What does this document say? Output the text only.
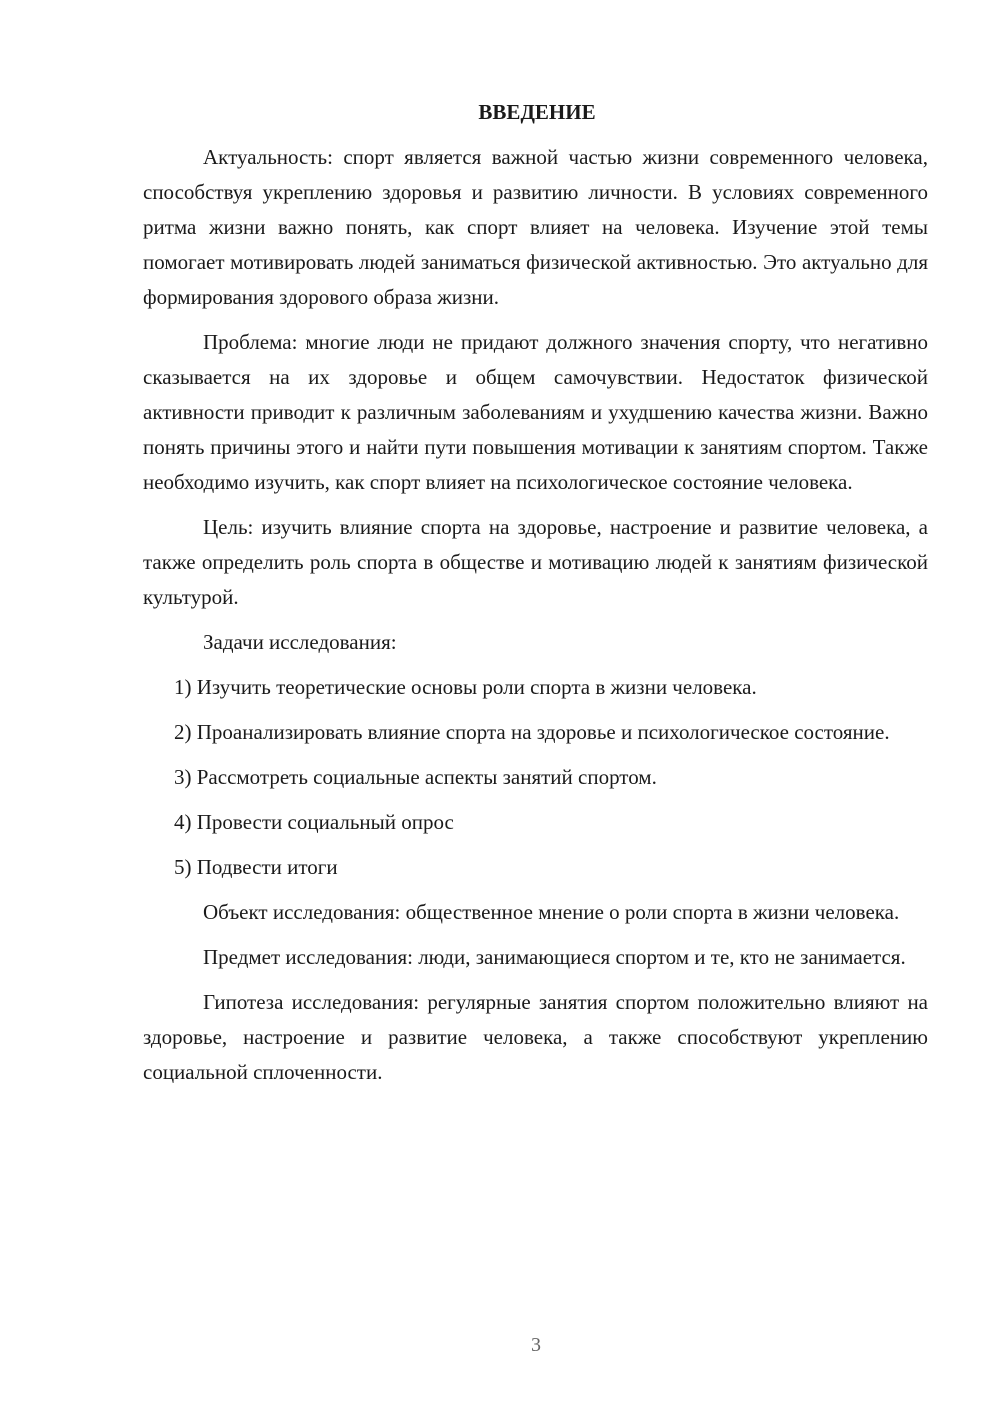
ВВЕДЕНИЕ

Актуальность: спорт является важной частью жизни современного человека, способствуя укреплению здоровья и развитию личности. В условиях современного ритма жизни важно понять, как спорт влияет на человека. Изучение этой темы помогает мотивировать людей заниматься физической активностью. Это актуально для формирования здорового образа жизни.

Проблема: многие люди не придают должного значения спорту, что негативно сказывается на их здоровье и общем самочувствии. Недостаток физической активности приводит к различным заболеваниям и ухудшению качества жизни. Важно понять причины этого и найти пути повышения мотивации к занятиям спортом. Также необходимо изучить, как спорт влияет на психологическое состояние человека.

Цель: изучить влияние спорта на здоровье, настроение и развитие человека, а также определить роль спорта в обществе и мотивацию людей к занятиям физической культурой.

Задачи исследования:

1) Изучить теоретические основы роли спорта в жизни человека.

2) Проанализировать влияние спорта на здоровье и психологическое состояние.

3) Рассмотреть социальные аспекты занятий спортом.

4) Провести социальный опрос

5) Подвести итоги

Объект исследования: общественное мнение о роли спорта в жизни человека.

Предмет исследования: люди, занимающиеся спортом и те, кто не занимается.

Гипотеза исследования: регулярные занятия спортом положительно влияют на здоровье, настроение и развитие человека, а также способствуют укреплению социальной сплоченности.

3
